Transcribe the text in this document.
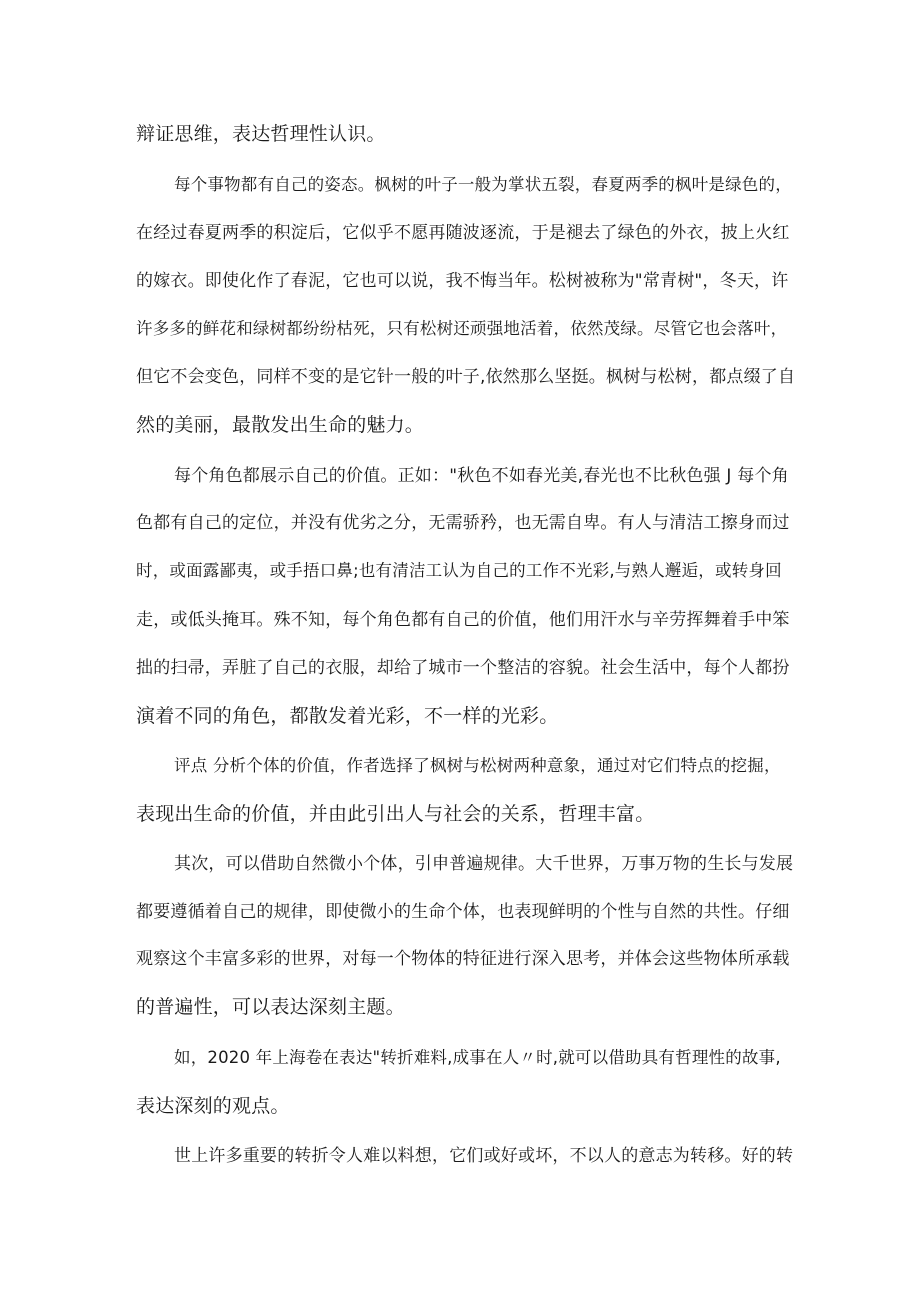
辩证思维，表达哲理性认识。
每个事物都有自己的姿态。枫树的叶子一般为掌状五裂，春夏两季的枫叶是绿色的，
在经过春夏两季的积淀后，它似乎不愿再随波逐流，于是褪去了绿色的外衣，披上火红
的嫁衣。即使化作了春泥，它也可以说，我不悔当年。松树被称为"常青树"，冬天，许
许多多的鲜花和绿树都纷纷枯死，只有松树还顽强地活着，依然茂绿。尽管它也会落叶，
但它不会变色，同样不变的是它针一般的叶子,依然那么坚挺。枫树与松树，都点缀了自
然的美丽，最散发出生命的魅力。
每个角色都展示自己的价值。正如："秋色不如春光美,春光也不比秋色强 J 每个角
色都有自己的定位，并没有优劣之分，无需骄矜，也无需自卑。有人与清洁工擦身而过
时，或面露鄙夷，或手捂口鼻;也有清洁工认为自己的工作不光彩,与熟人邂逅，或转身回
走，或低头掩耳。殊不知，每个角色都有自己的价值，他们用汗水与辛劳挥舞着手中笨
拙的扫帚，弄脏了自己的衣服，却给了城市一个整洁的容貌。社会生活中，每个人都扮
演着不同的角色，都散发着光彩，不一样的光彩。
评点 分析个体的价值，作者选择了枫树与松树两种意象，通过对它们特点的挖掘，
表现出生命的价值，并由此引出人与社会的关系，哲理丰富。
其次，可以借助自然微小个体，引申普遍规律。大千世界，万事万物的生长与发展
都要遵循着自己的规律，即使微小的生命个体，也表现鲜明的个性与自然的共性。仔细
观察这个丰富多彩的世界，对每一个物体的特征进行深入思考，并体会这些物体所承载
的普遍性，可以表达深刻主题。
如，2020 年上海卷在表达"转折难料,成事在人〃时,就可以借助具有哲理性的故事,
表达深刻的观点。
世上许多重要的转折令人难以料想，它们或好或坏，不以人的意志为转移。好的转
